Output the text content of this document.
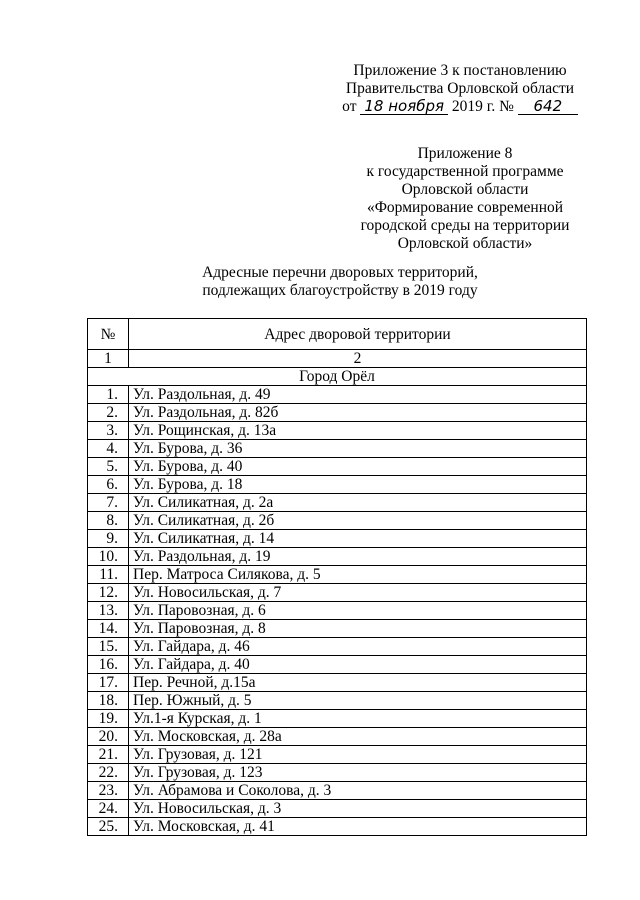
Приложение 3 к постановлению
Правительства Орловской области
от 18 ноября 2019 г. № 642
Приложение 8
к государственной программе
Орловской области
«Формирование современной
городской среды на территории
Орловской области»
Адресные перечни дворовых территорий,
подлежащих благоустройству в 2019 году
№	Адрес дворовой территории
1	2
Город Орёл	
1.	Ул. Раздольная, д. 49
2.	Ул. Раздольная, д. 82б
3.	Ул. Рощинская, д. 13а
4.	Ул. Бурова, д. 36
5.	Ул. Бурова, д. 40
6.	Ул. Бурова, д. 18
7.	Ул. Силикатная, д. 2а
8.	Ул. Силикатная, д. 2б
9.	Ул. Силикатная, д. 14
10.	Ул. Раздольная, д. 19
11.	Пер. Матроса Силякова, д. 5
12.	Ул. Новосильская, д. 7
13.	Ул. Паровозная, д. 6
14.	Ул. Паровозная, д. 8
15.	Ул. Гайдара, д. 46
16.	Ул. Гайдара, д. 40
17.	Пер. Речной, д.15а
18.	Пер. Южный, д. 5
19.	Ул.1-я Курская, д. 1
20.	Ул. Московская, д. 28а
21.	Ул. Грузовая, д. 121
22.	Ул. Грузовая, д. 123
23.	Ул. Абрамова и Соколова, д. 3
24.	Ул. Новосильская, д. 3
25.	Ул. Московская, д. 41
